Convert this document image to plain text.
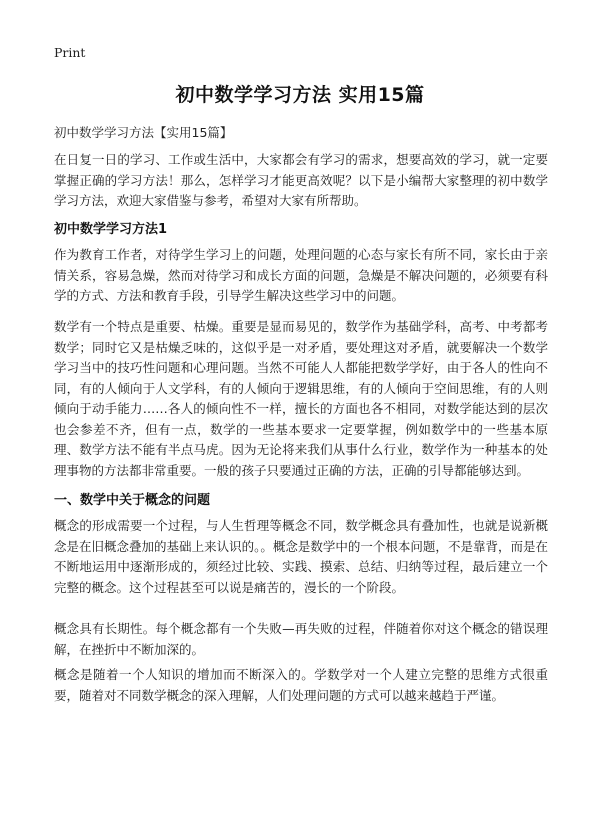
Print
初中数学学习方法 实用15篇
初中数学学习方法【实用15篇】

在日复一日的学习、工作或生活中，大家都会有学习的需求，想要高效的学习，就一定要掌握正确的学习方法！那么，怎样学习才能更高效呢？以下是小编帮大家整理的初中数学学习方法，欢迎大家借鉴与参考，希望对大家有所帮助。

初中数学学习方法1

作为教育工作者，对待学生学习上的问题，处理问题的心态与家长有所不同，家长由于亲情关系，容易急燥，然而对待学习和成长方面的问题，急燥是不解决问题的，必须要有科学的方式、方法和教育手段，引导学生解决这些学习中的问题。

数学有一个特点是重要、枯燥。重要是显而易见的，数学作为基础学科，高考、中考都考数学；同时它又是枯燥乏味的，这似乎是一对矛盾，要处理这对矛盾，就要解决一个数学学习当中的技巧性问题和心理问题。当然不可能人人都能把数学学好，由于各人的性向不同，有的人倾向于人文学科，有的人倾向于逻辑思维，有的人倾向于空间思维，有的人则倾向于动手能力……各人的倾向性不一样，擅长的方面也各不相同，对数学能达到的层次也会参差不齐，但有一点，数学的一些基本要求一定要掌握，例如数学中的一些基本原理、数学方法不能有半点马虎。因为无论将来我们从事什么行业，数学作为一种基本的处理事物的方法都非常重要。一般的孩子只要通过正确的方法，正确的引导都能够达到。

一、数学中关于概念的问题

概念的形成需要一个过程，与人生哲理等概念不同，数学概念具有叠加性，也就是说新概念是在旧概念叠加的基础上来认识的。。概念是数学中的一个根本问题，不是靠背，而是在不断地运用中逐渐形成的，须经过比较、实践、摸索、总结、归纳等过程，最后建立一个完整的概念。这个过程甚至可以说是痛苦的，漫长的一个阶段。

概念具有长期性。每个概念都有一个失败—再失败的过程，伴随着你对这个概念的错误理解，在挫折中不断加深的。

概念是随着一个人知识的增加而不断深入的。学数学对一个人建立完整的思维方式很重要，随着对不同数学概念的深入理解，人们处理问题的方式可以越来越趋于严谨。
